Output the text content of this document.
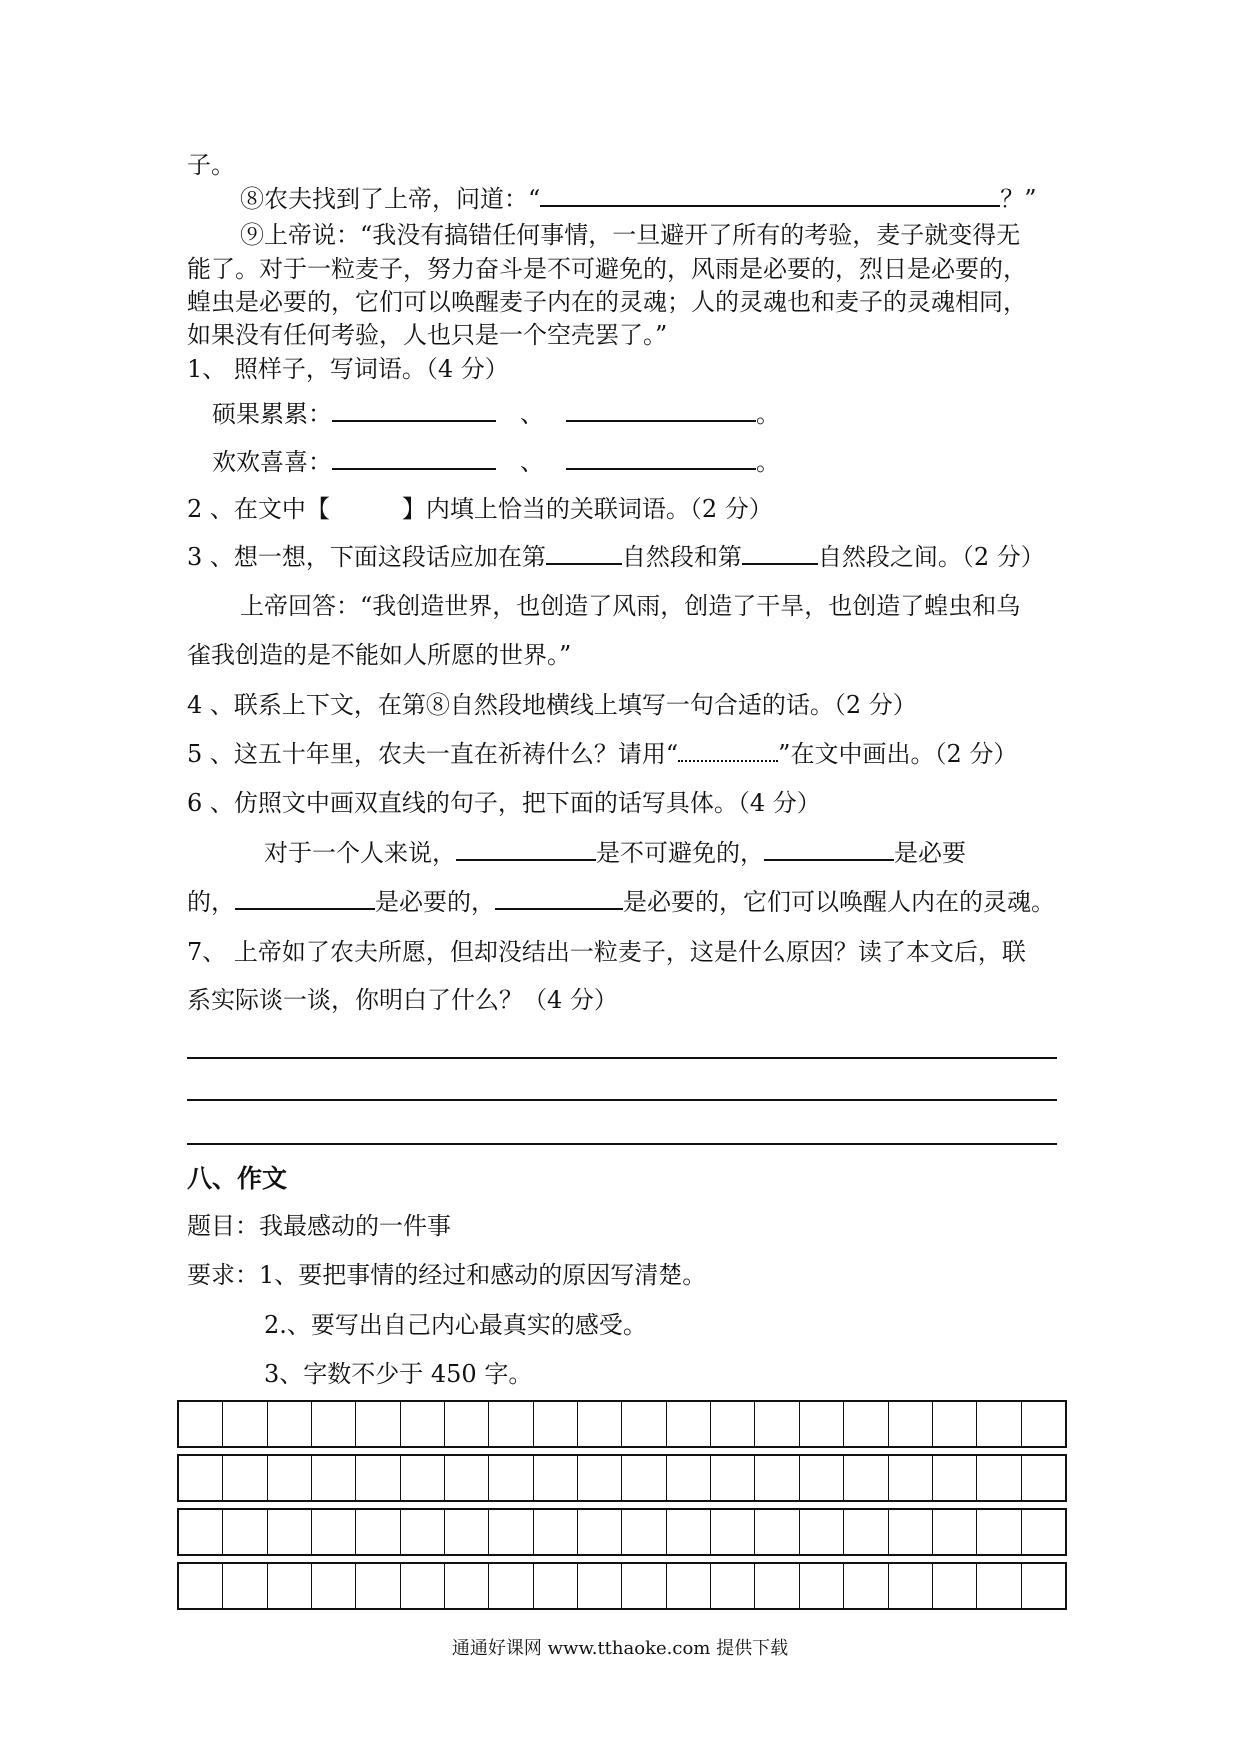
子。
⑧农夫找到了上帝，问道：“	？”
⑨上帝说：“我没有搞错任何事情，一旦避开了所有的考验，麦子就变得无
能了。对于一粒麦子，努力奋斗是不可避免的，风雨是必要的，烈日是必要的，
蝗虫是必要的，它们可以唤醒麦子内在的灵魂；人的灵魂也和麦子的灵魂相同，
如果没有任何考验，人也只是一个空壳罢了。”
1、 照样子，写词语。（4 分）
硕果累累：	、	。
欢欢喜喜：	、	。
2 、在文中【	】内填上恰当的关联词语。（2 分）
3 、想一想，下面这段话应加在第	自然段和第	自然段之间。（2 分）
上帝回答：“我创造世界，也创造了风雨，创造了干旱，也创造了蝗虫和乌
雀我创造的是不能如人所愿的世界。”
4 、联系上下文，在第⑧自然段地横线上填写一句合适的话。（2 分）
5 、这五十年里，农夫一直在祈祷什么？请用“	”在文中画出。（2 分）
6 、仿照文中画双直线的句子，把下面的话写具体。（4 分）
对于一个人来说，	是不可避免的，	是必要
的，	是必要的，	是必要的，它们可以唤醒人内在的灵魂。
7、 上帝如了农夫所愿，但却没结出一粒麦子，这是什么原因？读了本文后，联
系实际谈一谈，你明白了什么？（4 分）
八、作文
题目：我最感动的一件事
要求：1、要把事情的经过和感动的原因写清楚。
2.、要写出自己内心最真实的感受。
3、字数不少于 450 字。
通通好课网 www.tthaoke.com 提供下载
